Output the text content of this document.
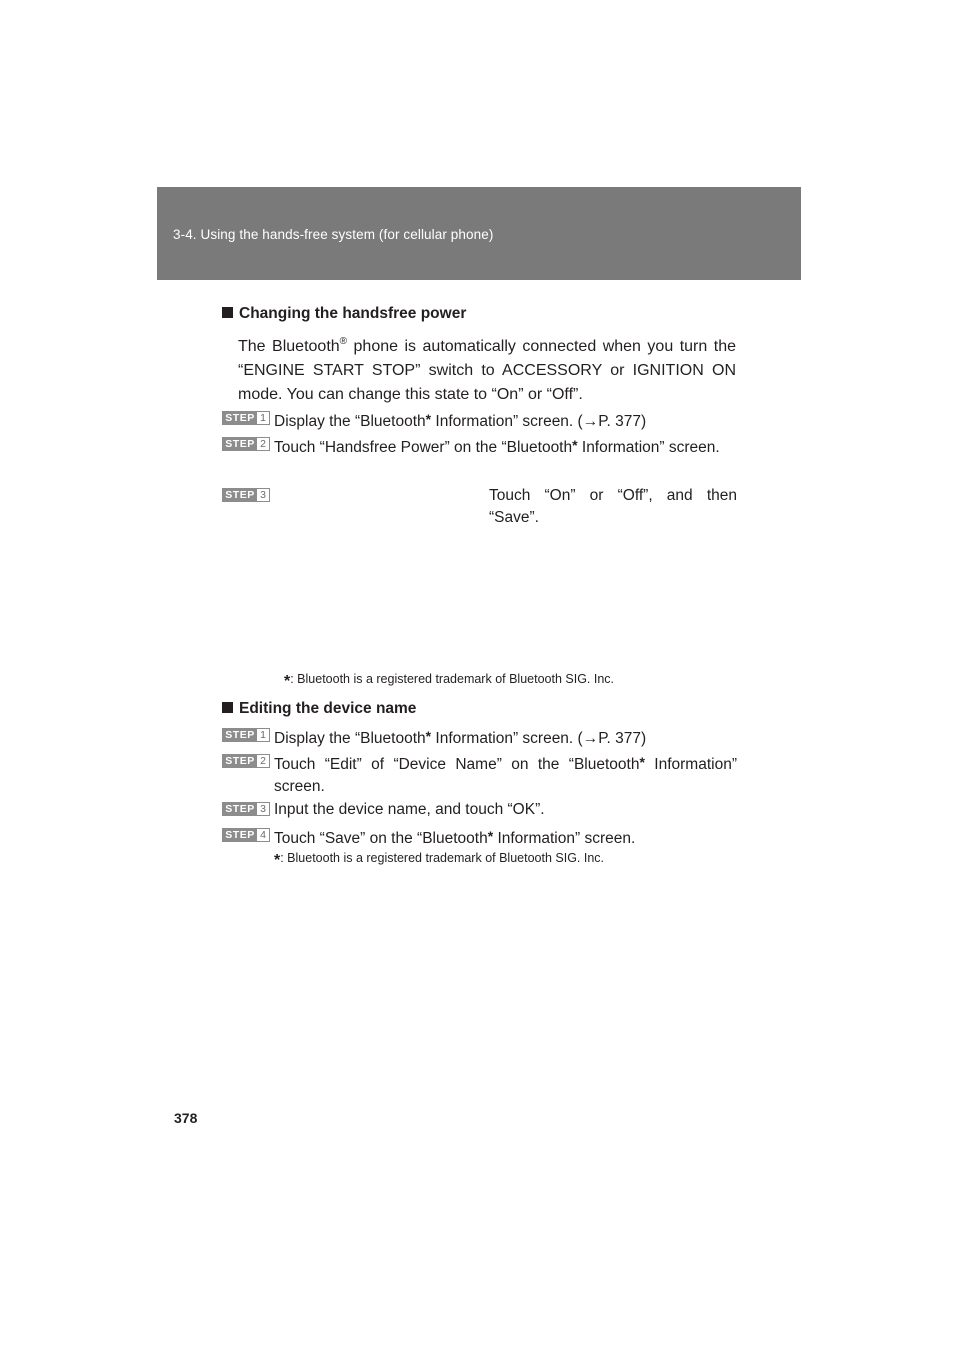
3-4. Using the hands-free system (for cellular phone)
Changing the handsfree power
The Bluetooth® phone is automatically connected when you turn the “ENGINE START STOP” switch to ACCESSORY or IGNITION ON mode. You can change this state to “On” or “Off”.
STEP 1 Display the “Bluetooth* Information” screen. (→P. 377)
STEP 2 Touch “Handsfree Power” on the “Bluetooth* Information” screen.
STEP 3	Touch “On” or “Off”, and then “Save”.
*: Bluetooth is a registered trademark of Bluetooth SIG. Inc.
Editing the device name
STEP 1 Display the “Bluetooth* Information” screen. (→P. 377)
STEP 2 Touch “Edit” of “Device Name” on the “Bluetooth* Information” screen.
STEP 3 Input the device name, and touch “OK”.
STEP 4 Touch “Save” on the “Bluetooth* Information” screen.
*: Bluetooth is a registered trademark of Bluetooth SIG. Inc.
378
